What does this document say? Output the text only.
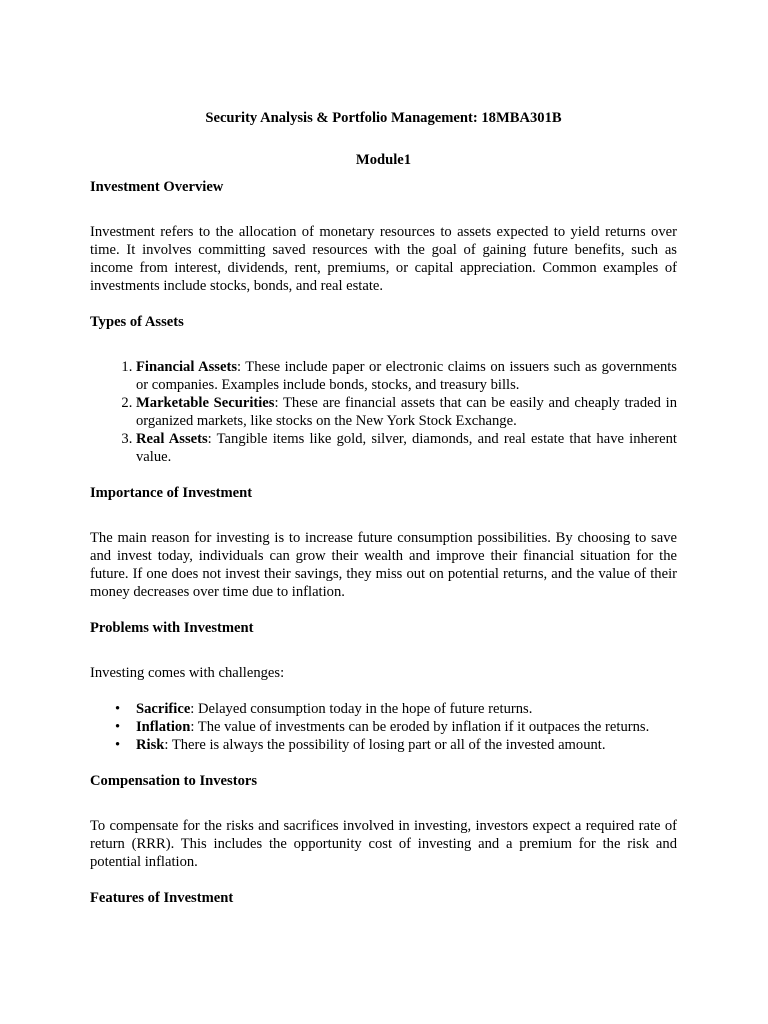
Security Analysis & Portfolio Management: 18MBA301B

Module1

Investment Overview

Investment refers to the allocation of monetary resources to assets expected to yield returns over time. It involves committing saved resources with the goal of gaining future benefits, such as income from interest, dividends, rent, premiums, or capital appreciation. Common examples of investments include stocks, bonds, and real estate.

Types of Assets

1. Financial Assets: These include paper or electronic claims on issuers such as governments or companies. Examples include bonds, stocks, and treasury bills.
2. Marketable Securities: These are financial assets that can be easily and cheaply traded in organized markets, like stocks on the New York Stock Exchange.
3. Real Assets: Tangible items like gold, silver, diamonds, and real estate that have inherent value.

Importance of Investment

The main reason for investing is to increase future consumption possibilities. By choosing to save and invest today, individuals can grow their wealth and improve their financial situation for the future. If one does not invest their savings, they miss out on potential returns, and the value of their money decreases over time due to inflation.

Problems with Investment

Investing comes with challenges:

• Sacrifice: Delayed consumption today in the hope of future returns.
• Inflation: The value of investments can be eroded by inflation if it outpaces the returns.
• Risk: There is always the possibility of losing part or all of the invested amount.

Compensation to Investors

To compensate for the risks and sacrifices involved in investing, investors expect a required rate of return (RRR). This includes the opportunity cost of investing and a premium for the risk and potential inflation.

Features of Investment
